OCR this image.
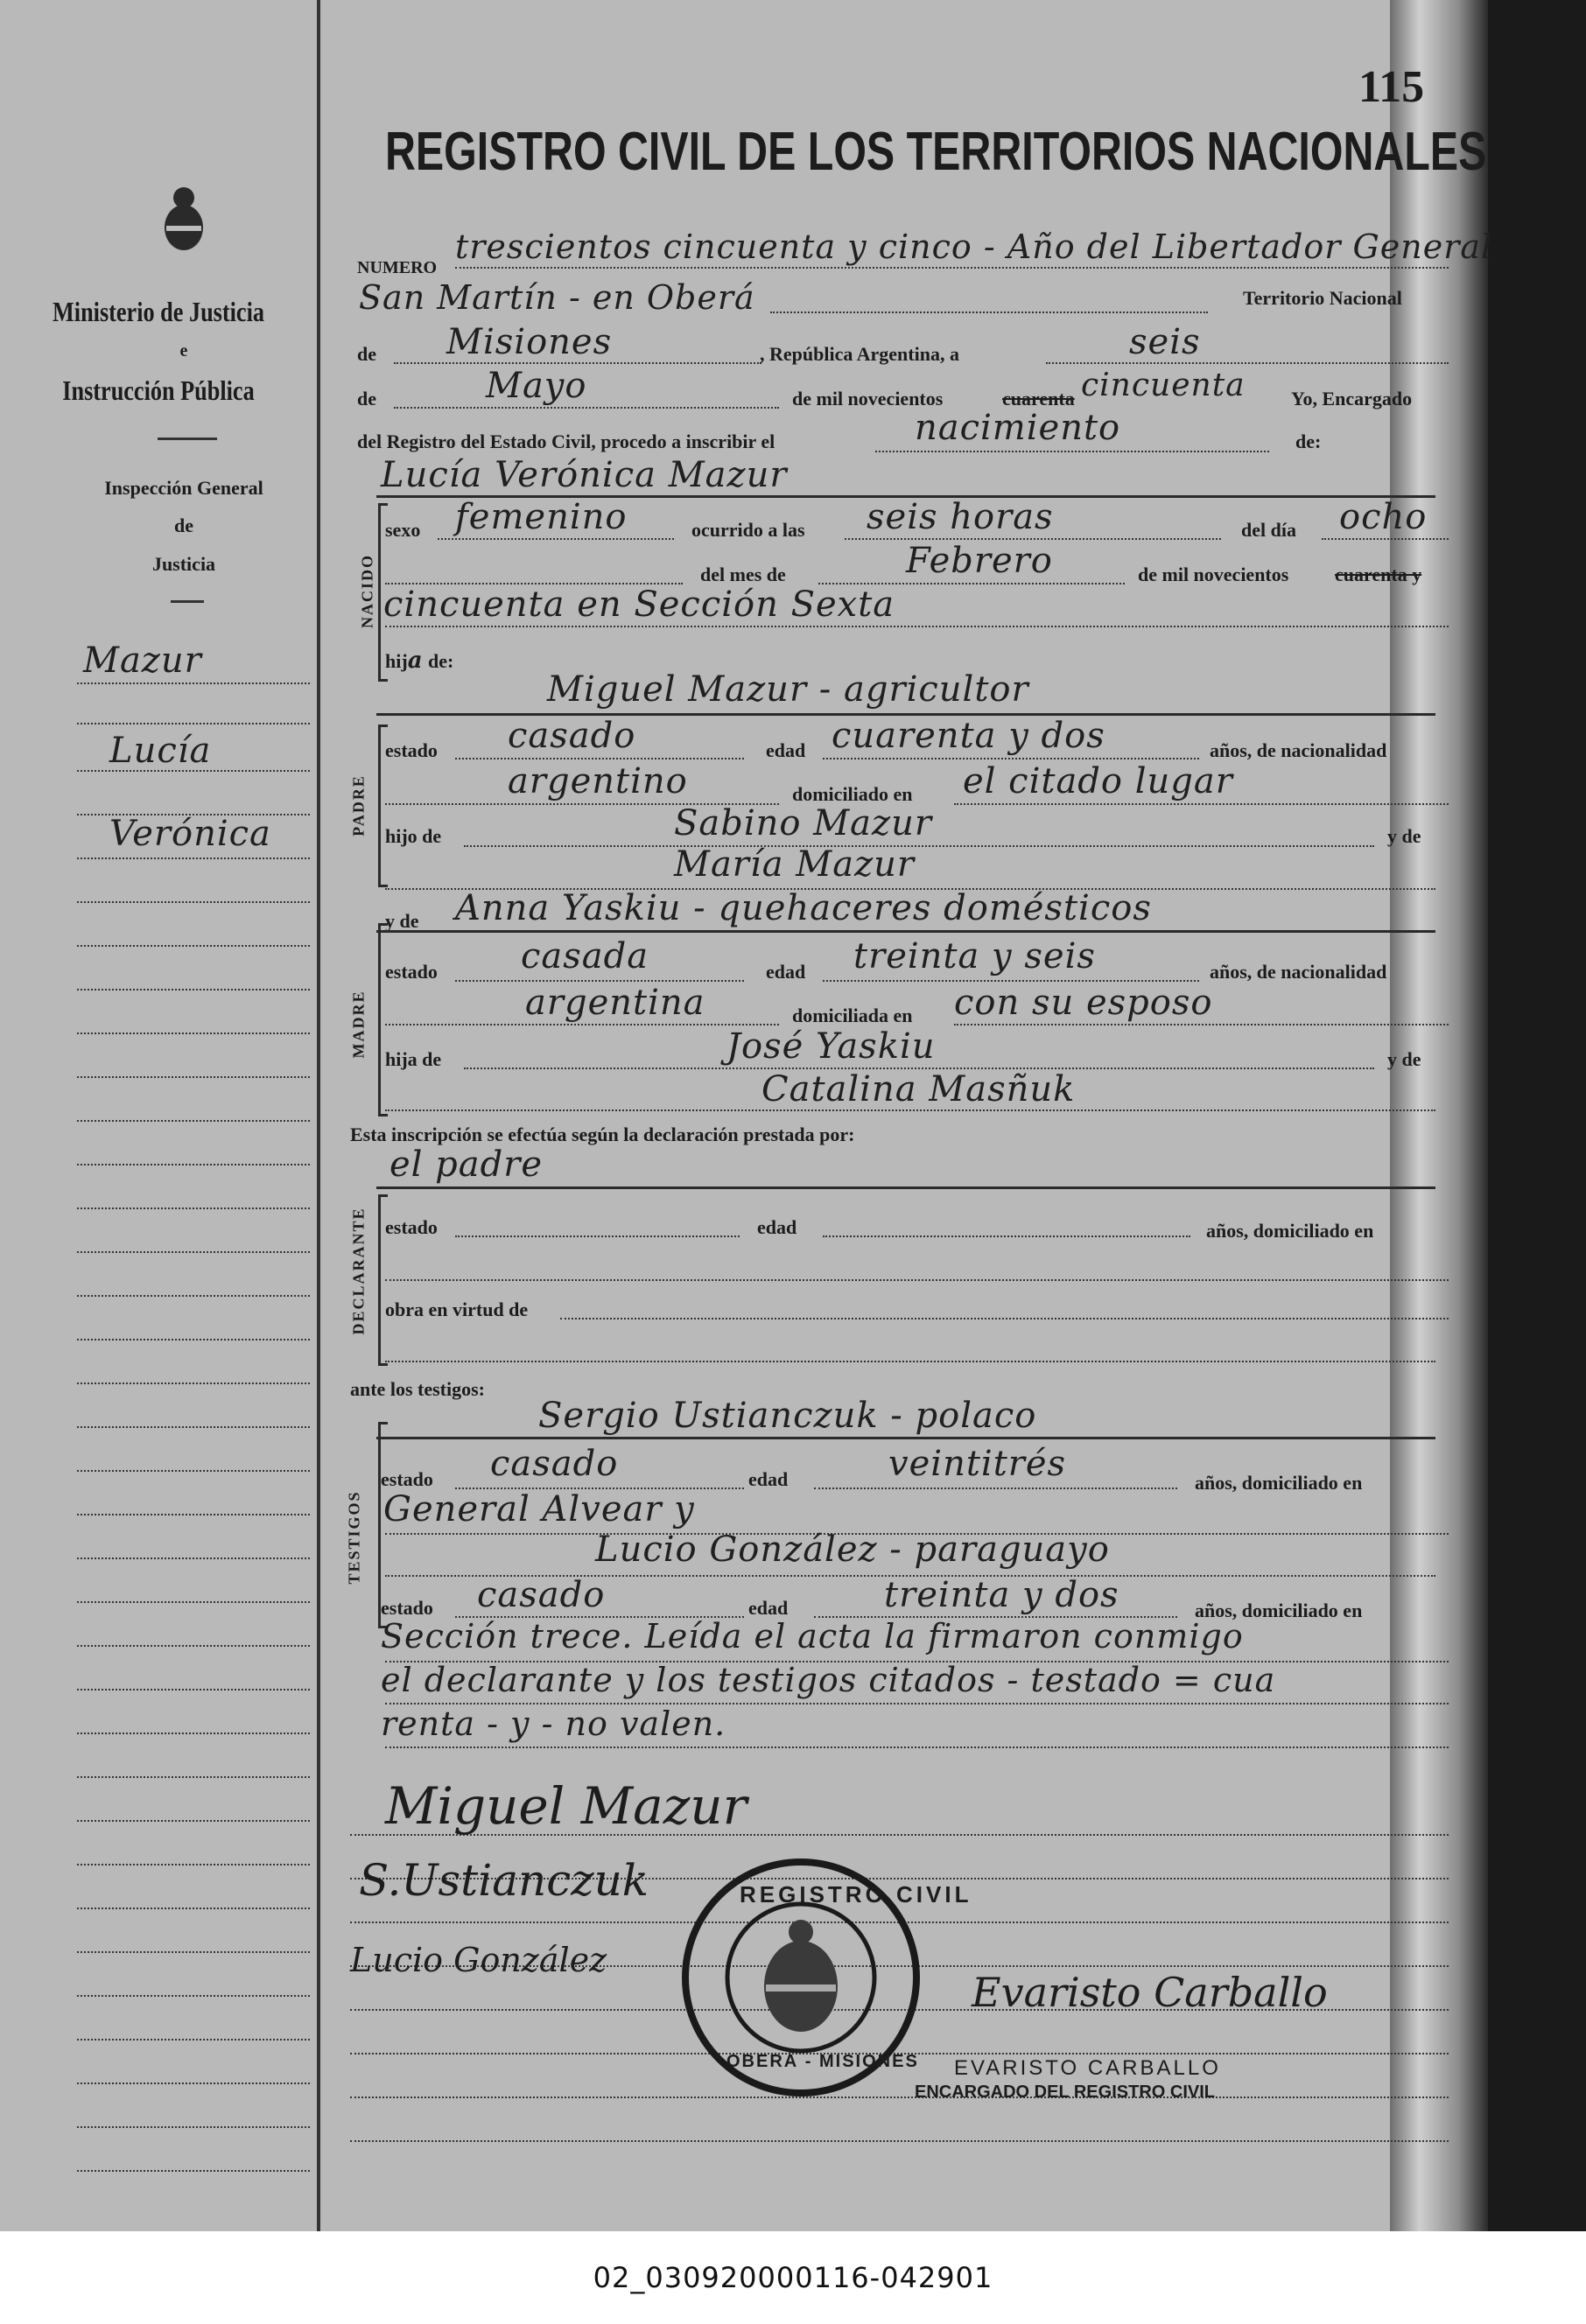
115
REGISTRO CIVIL DE LOS TERRITORIOS NACIONALES
Ministerio de Justicia
e
Instrucción Pública
Inspección General
de
Justicia
Mazur
Lucía
Verónica
NUMERO
trescientos cincuenta y cinco - Año del Libertador General
San Martín - en Oberá	Territorio Nacional
de Misiones	, República Argentina, a	seis
de	Mayo	de mil novecientos	cuarenta cincuenta Yo, Encargado
del Registro del Estado Civil, procedo a inscribir el	nacimiento	de:
Lucía Verónica Mazur
NACIDO
sexo femenino	ocurrido a las seis horas	del día ocho
del mes de	Febrero	de mil novecientos cuarenta y
cincuenta en Sección Sexta
hija de:
Miguel Mazur - agricultor
PADRE
estado casado	edad cuarenta y dos	años, de nacionalidad
argentino	domiciliado en el citado lugar
hijo de	Sabino Mazur	y de
María Mazur
y de Anna Yaskiu - quehaceres domésticos
MADRE
estado casada	edad treinta y seis	años, de nacionalidad
argentina	domiciliada en con su esposo
hija de	José Yaskiu	y de
Catalina Masñuk
Esta inscripción se efectúa según la declaración prestada por:
el padre
DECLARANTE estado	edad	años, domiciliado en
obra en virtud de
ante los testigos:
Sergio Ustianczuk - polaco
TESTIGOS
estado casado	edad	veintitrés	años, domiciliado en
General Alvear y
Lucio González - paraguayo
estado casado	edad	treinta y dos	años, domiciliado en
Sección trece. Leída el acta la firmaron conmigo
el declarante y los testigos citados - testado = cua
renta - y - no valen.
Miguel Mazur
S.Ustianczuk
Lucio González
REGISTRO CIVIL
OBERÁ - MISIONES
Evaristo Carballo
EVARISTO CARBALLO
ENCARGADO DEL REGISTRO CIVIL
02_030920000116-042901
